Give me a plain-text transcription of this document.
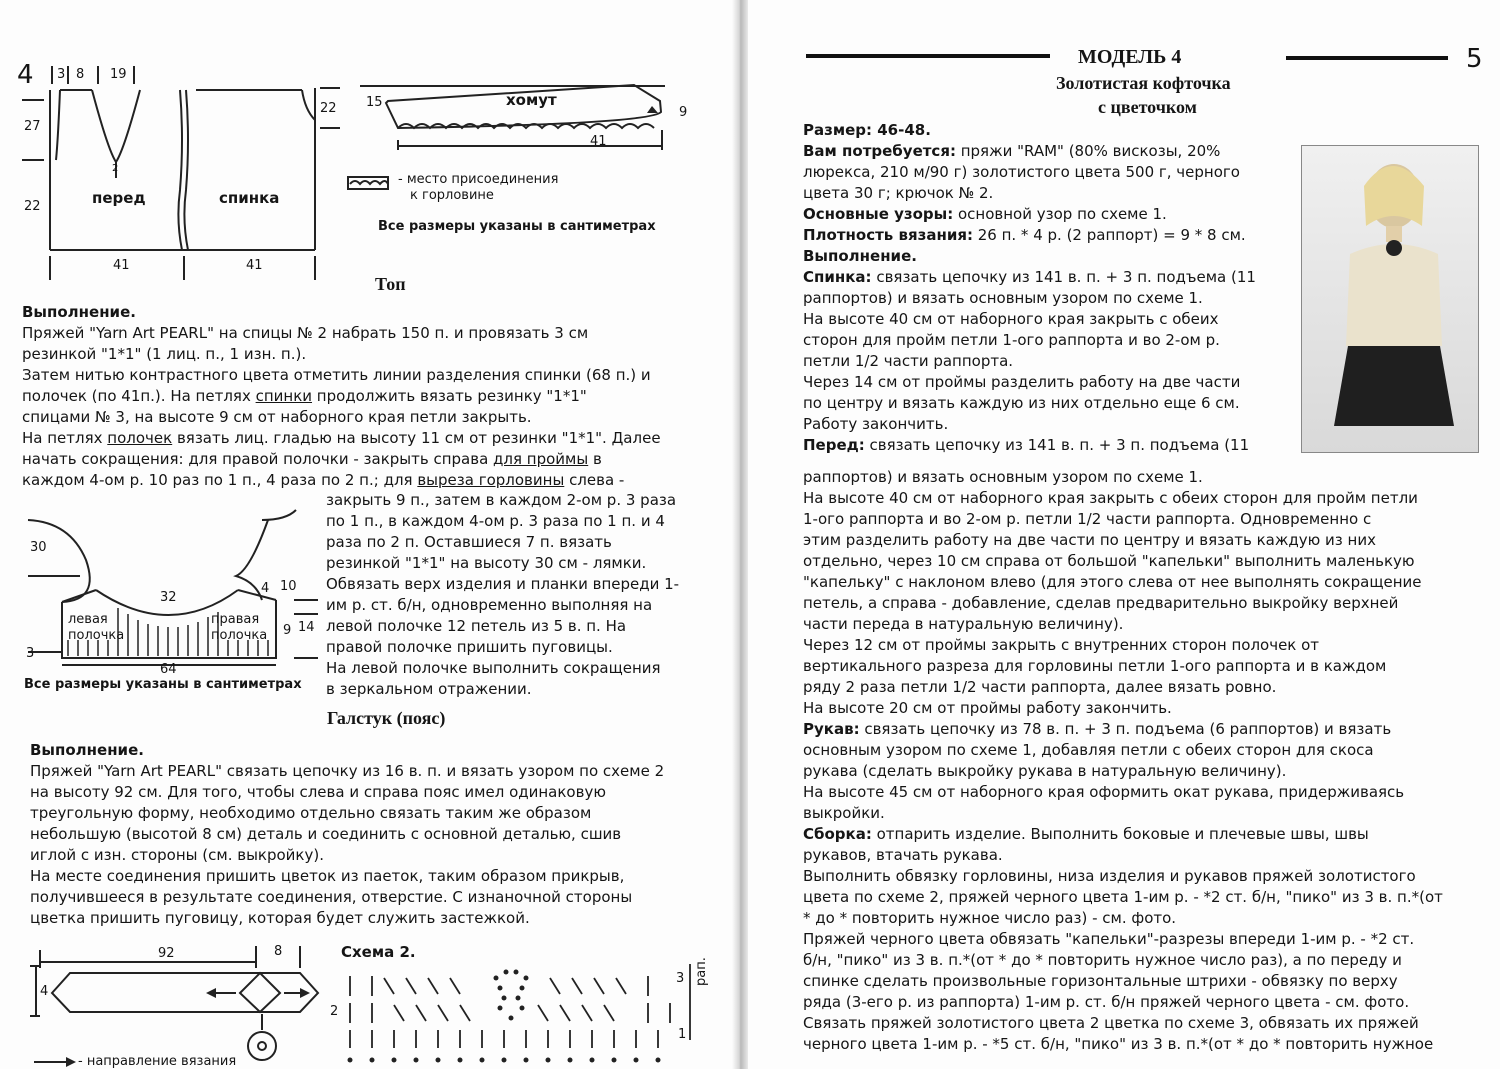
4 3 8 19
27
22
22
2
перед	спинка
41	41
15	хомут
9
41
- место присоединения
к горловине
Все размеры указаны в сантиметрах
Топ

Выполнение.

Пряжей "Yarn Art PEARL" на спицы № 2 набрать 150 п. и провязать 3 см

резинкой "1*1" (1 лиц. п., 1 изн. п.).

Затем нитью контрастного цвета отметить линии разделения спинки (68 п.) и

полочек (по 41п.). На петлях спинки продолжить вязать резинку "1*1"

спицами № 3, на высоте 9 см от наборного края петли закрыть.

На петлях полочек вязать лиц. гладью на высоту 11 см от резинки "1*1". Далее

начать сокращения: для правой полочки - закрыть справа для проймы в

каждом 4-ом р. 10 раз по 1 п., 4 раза по 2 п.; для выреза горловины слева -

закрыть 9 п., затем в каждом 2-ом р. 3 раза

по 1 п., в каждом 4-ом р. 3 раза по 1 п. и 4

раза по 2 п. Оставшиеся 7 п. вязать

резинкой "1*1" на высоту 30 см - лямки.

Обвязать верх изделия и планки впереди 1-

им р. ст. б/н, одновременно выполняя на

левой полочке 12 петель из 5 в. п. На

правой полочке пришить пуговицы.

На левой полочке выполнить сокращения

в зеркальном отражении.

30
32
4 10
9 14
3
64
левая
полочка
правая
полочка
Все размеры указаны в сантиметрах
Галстук (пояс)

Выполнение.

Пряжей "Yarn Art PEARL" связать цепочку из 16 в. п. и вязать узором по схеме 2

на высоту 92 см. Для того, чтобы слева и справа пояс имел одинаковую

треугольную форму, необходимо отдельно связать таким же образом

небольшую (высотой 8 см) деталь и соединить с основной деталью, сшив

иглой с изн. стороны (см. выкройку).

На месте соединения пришить цветок из паеток, таким образом прикрыв,

получившееся в результате соединения, отверстие. С изнаночной стороны

цветка пришить пуговицу, которая будет служить застежкой.

92	8
4
- направление вязания
Схема 2.
3
2
1
рап.
МОДЕЛЬ 4
Золотистая кофточка
с цветочком
5

Размер: 46-48.

Вам потребуется: пряжи "RAM" (80% вискозы, 20%

люрекса, 210 м/90 г) золотистого цвета 500 г, черного

цвета 30 г; крючок № 2.

Основные узоры: основной узор по схеме 1.

Плотность вязания: 26 п. * 4 р. (2 раппорт) = 9 * 8 см.

Выполнение.

Спинка: связать цепочку из 141 в. п. + 3 п. подъема (11

раппортов) и вязать основным узором по схеме 1.

На высоте 40 см от наборного края закрыть с обеих

сторон для пройм петли 1-ого раппорта и во 2-ом р.

петли 1/2 части раппорта.

Через 14 см от проймы разделить работу на две части

по центру и вязать каждую из них отдельно еще 6 см.

Работу закончить.

Перед: связать цепочку из 141 в. п. + 3 п. подъема (11

раппортов) и вязать основным узором по схеме 1.

На высоте 40 см от наборного края закрыть с обеих сторон для пройм петли

1-ого раппорта и во 2-ом р. петли 1/2 части раппорта. Одновременно с

этим разделить работу на две части по центру и вязать каждую из них

отдельно, через 10 см справа от большой "капельки" выполнить маленькую

"капельку" с наклоном влево (для этого слева от нее выполнять сокращение

петель, а справа - добавление, сделав предварительно выкройку верхней

части переда в натуральную величину).

Через 12 см от проймы закрыть с внутренних сторон полочек от

вертикального разреза для горловины петли 1-ого раппорта и в каждом

ряду 2 раза петли 1/2 части раппорта, далее вязать ровно.

На высоте 20 см от проймы работу закончить.

Рукав: связать цепочку из 78 в. п. + 3 п. подъема (6 раппортов) и вязать

основным узором по схеме 1, добавляя петли с обеих сторон для скоса

рукава (сделать выкройку рукава в натуральную величину).

На высоте 45 см от наборного края оформить окат рукава, придерживаясь

выкройки.

Сборка: отпарить изделие. Выполнить боковые и плечевые швы, швы

рукавов, втачать рукава.

Выполнить обвязку горловины, низа изделия и рукавов пряжей золотистого

цвета по схеме 2, пряжей черного цвета 1-им р. - *2 ст. б/н, "пико" из 3 в. п.*(от

* до * повторить нужное число раз) - см. фото.

Пряжей черного цвета обвязать "капельки"-разрезы впереди 1-им р. - *2 ст.

б/н, "пико" из 3 в. п.*(от * до * повторить нужное число раз), а по переду и

спинке сделать произвольные горизонтальные штрихи - обвязку по верху

ряда (3-его р. из раппорта) 1-им р. ст. б/н пряжей черного цвета - см. фото.

Связать пряжей золотистого цвета 2 цветка по схеме 3, обвязать их пряжей

черного цвета 1-им р. - *5 ст. б/н, "пико" из 3 в. п.*(от * до * повторить нужное
